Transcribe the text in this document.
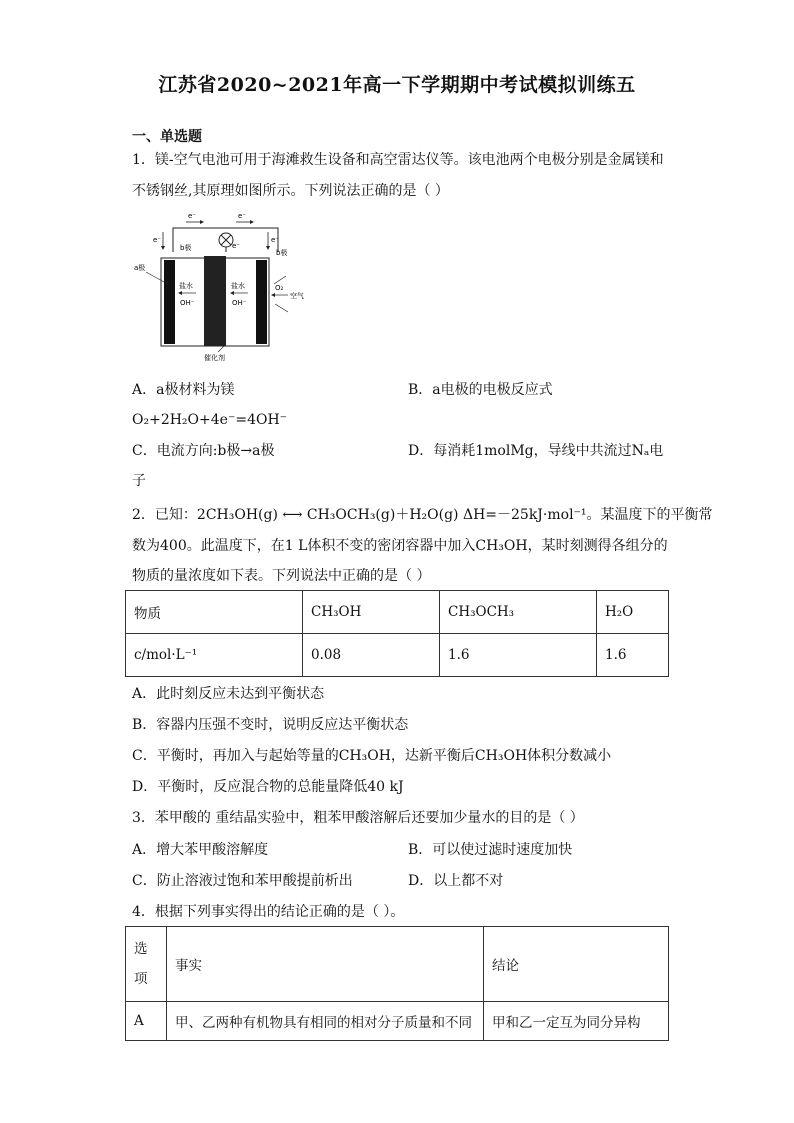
江苏省2020~2021年高一下学期期中考试模拟训练五
一、单选题
1．镁-空气电池可用于海滩救生设备和高空雷达仪等。该电池两个电极分别是金属镁和
不锈钢丝,其原理如图所示。下列说法正确的是（ ）
e⁻	e⁻
e⁻	e⁻
e⁻
b极
b极
a极
盐水
OH⁻
盐水
OH⁻
O₂
空气
催化剂
A．a极材料为镁	B．a电极的电极反应式
O₂+2H₂O+4e⁻=4OH⁻
C．电流方向:b极→a极	D．每消耗1molMg，导线中共流过Nₐ电
子
2．已知：2CH₃OH(g) ⟷ CH₃OCH₃(g)＋H₂O(g) ΔH=－25kJ·mol⁻¹。某温度下的平衡常
数为400。此温度下，在1 L体积不变的密闭容器中加入CH₃OH，某时刻测得各组分的
物质的量浓度如下表。下列说法中正确的是（ ）
物质	CH₃OH	CH₃OCH₃	H₂O
c/mol·L⁻¹	0.08	1.6	1.6
A．此时刻反应未达到平衡状态
B．容器内压强不变时，说明反应达平衡状态
C．平衡时，再加入与起始等量的CH₃OH，达新平衡后CH₃OH体积分数减小
D．平衡时，反应混合物的总能量降低40 kJ
3．苯甲酸的 重结晶实验中，粗苯甲酸溶解后还要加少量水的目的是（ ）
A．增大苯甲酸溶解度	B．可以使过滤时速度加快
C．防止溶液过饱和苯甲酸提前析出	D．以上都不对
4．根据下列事实得出的结论正确的是（ ）。
选
项	事实	结论
A	甲、乙两种有机物具有相同的相对分子质量和不同	甲和乙一定互为同分异构
